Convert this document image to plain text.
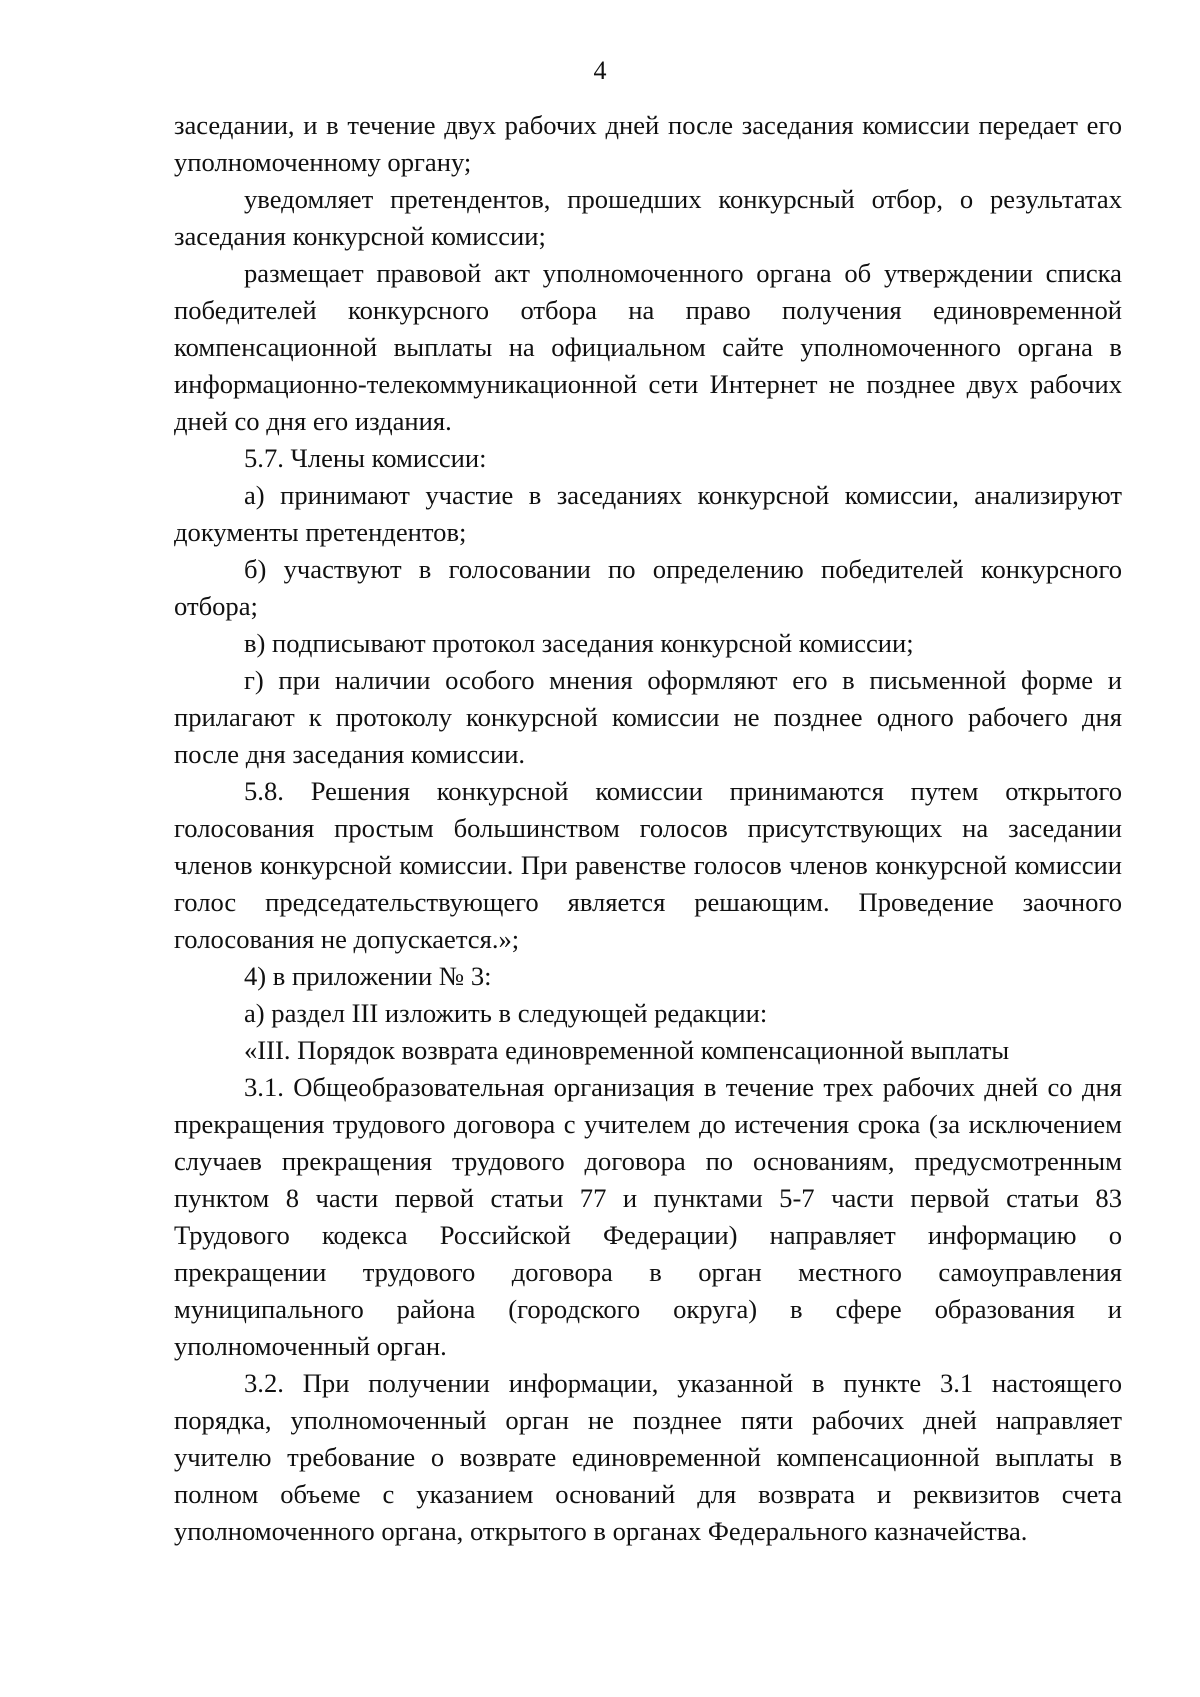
4

заседании, и в течение двух рабочих дней после заседания комиссии передает его уполномоченному органу;

уведомляет претендентов, прошедших конкурсный отбор, о результатах заседания конкурсной комиссии;

размещает правовой акт уполномоченного органа об утверждении списка победителей конкурсного отбора на право получения единовременной компенсационной выплаты на официальном сайте уполномоченного органа в информационно-телекоммуникационной сети Интернет не позднее двух рабочих дней со дня его издания.

5.7. Члены комиссии:

а) принимают участие в заседаниях конкурсной комиссии, анализируют документы претендентов;

б) участвуют в голосовании по определению победителей конкурсного отбора;

в) подписывают протокол заседания конкурсной комиссии;

г) при наличии особого мнения оформляют его в письменной форме и прилагают к протоколу конкурсной комиссии не позднее одного рабочего дня после дня заседания комиссии.

5.8. Решения конкурсной комиссии принимаются путем открытого голосования простым большинством голосов присутствующих на заседании членов конкурсной комиссии. При равенстве голосов членов конкурсной комиссии голос председательствующего является решающим. Проведение заочного голосования не допускается.»;

4) в приложении № 3:

а) раздел III изложить в следующей редакции:

«III. Порядок возврата единовременной компенсационной выплаты

3.1. Общеобразовательная организация в течение трех рабочих дней со дня прекращения трудового договора с учителем до истечения срока (за исключением случаев прекращения трудового договора по основаниям, предусмотренным пунктом 8 части первой статьи 77 и пунктами 5-7 части первой статьи 83 Трудового кодекса Российской Федерации) направляет информацию о прекращении трудового договора в орган местного самоуправления муниципального района (городского округа) в сфере образования и уполномоченный орган.

3.2. При получении информации, указанной в пункте 3.1 настоящего порядка, уполномоченный орган не позднее пяти рабочих дней направляет учителю требование о возврате единовременной компенсационной выплаты в полном объеме с указанием оснований для возврата и реквизитов счета уполномоченного органа, открытого в органах Федерального казначейства.
